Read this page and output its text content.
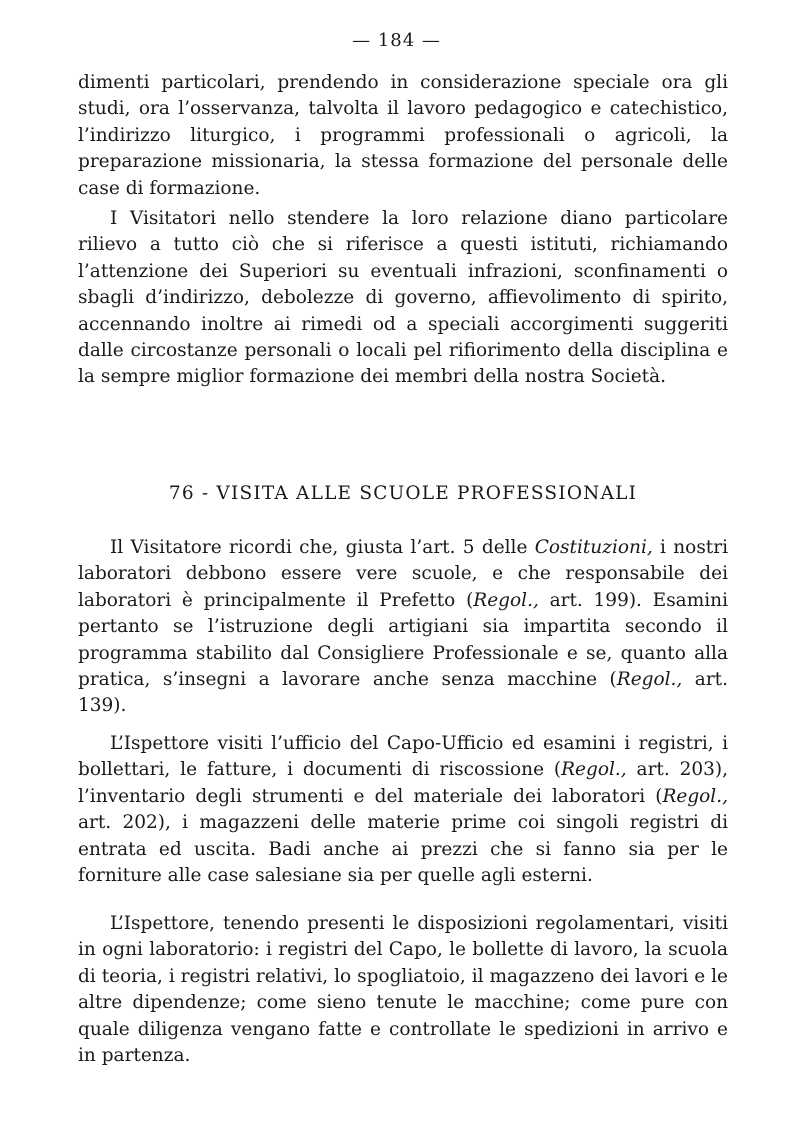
— 184 —

dimenti particolari, prendendo in considerazione speciale ora gli studi, ora l’osservanza, talvolta il lavoro pedagogico e catechistico, l’indirizzo liturgico, i programmi professionali o agricoli, la preparazione missionaria, la stessa formazione del personale delle case di formazione.

I Visitatori nello stendere la loro relazione diano particolare rilievo a tutto ciò che si riferisce a questi istituti, richiamando l’attenzione dei Superiori su eventuali infrazioni, sconfinamenti o sbagli d’indirizzo, debolezze di governo, affievolimento di spirito, accennando inoltre ai rimedi od a speciali accorgimenti suggeriti dalle circostanze personali o locali pel rifiorimento della disciplina e la sempre miglior formazione dei membri della nostra Società.

76 - VISITA ALLE SCUOLE PROFESSIONALI

Il Visitatore ricordi che, giusta l’art. 5 delle Costituzioni, i nostri laboratori debbono essere vere scuole, e che responsabile dei laboratori è principalmente il Prefetto (Regol., art. 199). Esamini pertanto se l’istruzione degli artigiani sia impartita secondo il programma stabilito dal Consigliere Professionale e se, quanto alla pratica, s’insegni a lavorare anche senza macchine (Regol., art. 139).

L’Ispettore visiti l’ufficio del Capo-Ufficio ed esamini i registri, i bollettari, le fatture, i documenti di riscossione (Regol., art. 203), l’inventario degli strumenti e del materiale dei laboratori (Regol., art. 202), i magazzeni delle materie prime coi singoli registri di entrata ed uscita. Badi anche ai prezzi che si fanno sia per le forniture alle case salesiane sia per quelle agli esterni.

L’Ispettore, tenendo presenti le disposizioni regolamentari, visiti in ogni laboratorio: i registri del Capo, le bollette di lavoro, la scuola di teoria, i registri relativi, lo spogliatoio, il magazzeno dei lavori e le altre dipendenze; come sieno tenute le macchine; come pure con quale diligenza vengano fatte e controllate le spedizioni in arrivo e in partenza.
